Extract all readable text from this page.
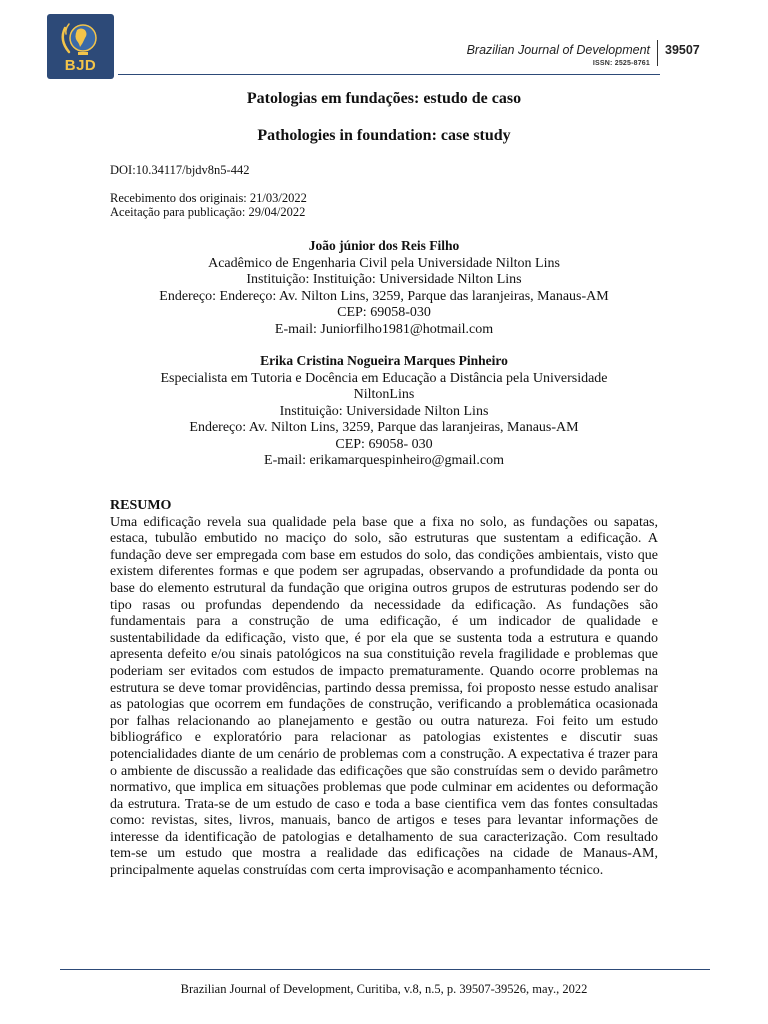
BJD
Brazilian Journal of Development
ISSN: 2525-8761
39507
Patologias em fundações: estudo de caso
Pathologies in foundation: case study
DOI:10.34117/bjdv8n5-442
Recebimento dos originais: 21/03/2022
Aceitação para publicação: 29/04/2022
João júnior dos Reis Filho
Acadêmico de Engenharia Civil pela Universidade Nilton Lins
Instituição: Instituição: Universidade Nilton Lins
Endereço: Endereço: Av. Nilton Lins, 3259, Parque das laranjeiras, Manaus-AM
CEP: 69058-030
E-mail: Juniorfilho1981@hotmail.com
Erika Cristina Nogueira Marques Pinheiro
Especialista em Tutoria e Docência em Educação a Distância pela Universidade
NiltonLins
Instituição: Universidade Nilton Lins
Endereço: Av. Nilton Lins, 3259, Parque das laranjeiras, Manaus-AM
CEP: 69058- 030
E-mail: erikamarquespinheiro@gmail.com
RESUMO
Uma edificação revela sua qualidade pela base que a fixa no solo, as fundações ou sapatas, estaca, tubulão embutido no maciço do solo, são estruturas que sustentam a edificação. A fundação deve ser empregada com base em estudos do solo, das condições ambientais, visto que existem diferentes formas e que podem ser agrupadas, observando a profundidade da ponta ou base do elemento estrutural da fundação que origina outros grupos de estruturas podendo ser do tipo rasas ou profundas dependendo da necessidade da edificação. As fundações são fundamentais para a construção de uma edificação, é um indicador de qualidade e sustentabilidade da edificação, visto que, é por ela que se sustenta toda a estrutura e quando apresenta defeito e/ou sinais patológicos na sua constituição revela fragilidade e problemas que poderiam ser evitados com estudos de impacto prematuramente. Quando ocorre problemas na estrutura se deve tomar providências, partindo dessa premissa, foi proposto nesse estudo analisar as patologias que ocorrem em fundações de construção, verificando a problemática ocasionada por falhas relacionando ao planejamento e gestão ou outra natureza. Foi feito um estudo bibliográfico e exploratório para relacionar as patologias existentes e discutir suas potencialidades diante de um cenário de problemas com a construção. A expectativa é trazer para o ambiente de discussão a realidade das edificações que são construídas sem o devido parâmetro normativo, que implica em situações problemas que pode culminar em acidentes ou deformação da estrutura. Trata-se de um estudo de caso e toda a base cientifica vem das fontes consultadas como: revistas, sites, livros, manuais, banco de artigos e teses para levantar informações de interesse da identificação de patologias e detalhamento de sua caracterização. Com resultado tem-se um estudo que mostra a realidade das edificações na cidade de Manaus-AM, principalmente aquelas construídas com certa improvisação e acompanhamento técnico.
Brazilian Journal of Development, Curitiba, v.8, n.5, p. 39507-39526, may., 2022
